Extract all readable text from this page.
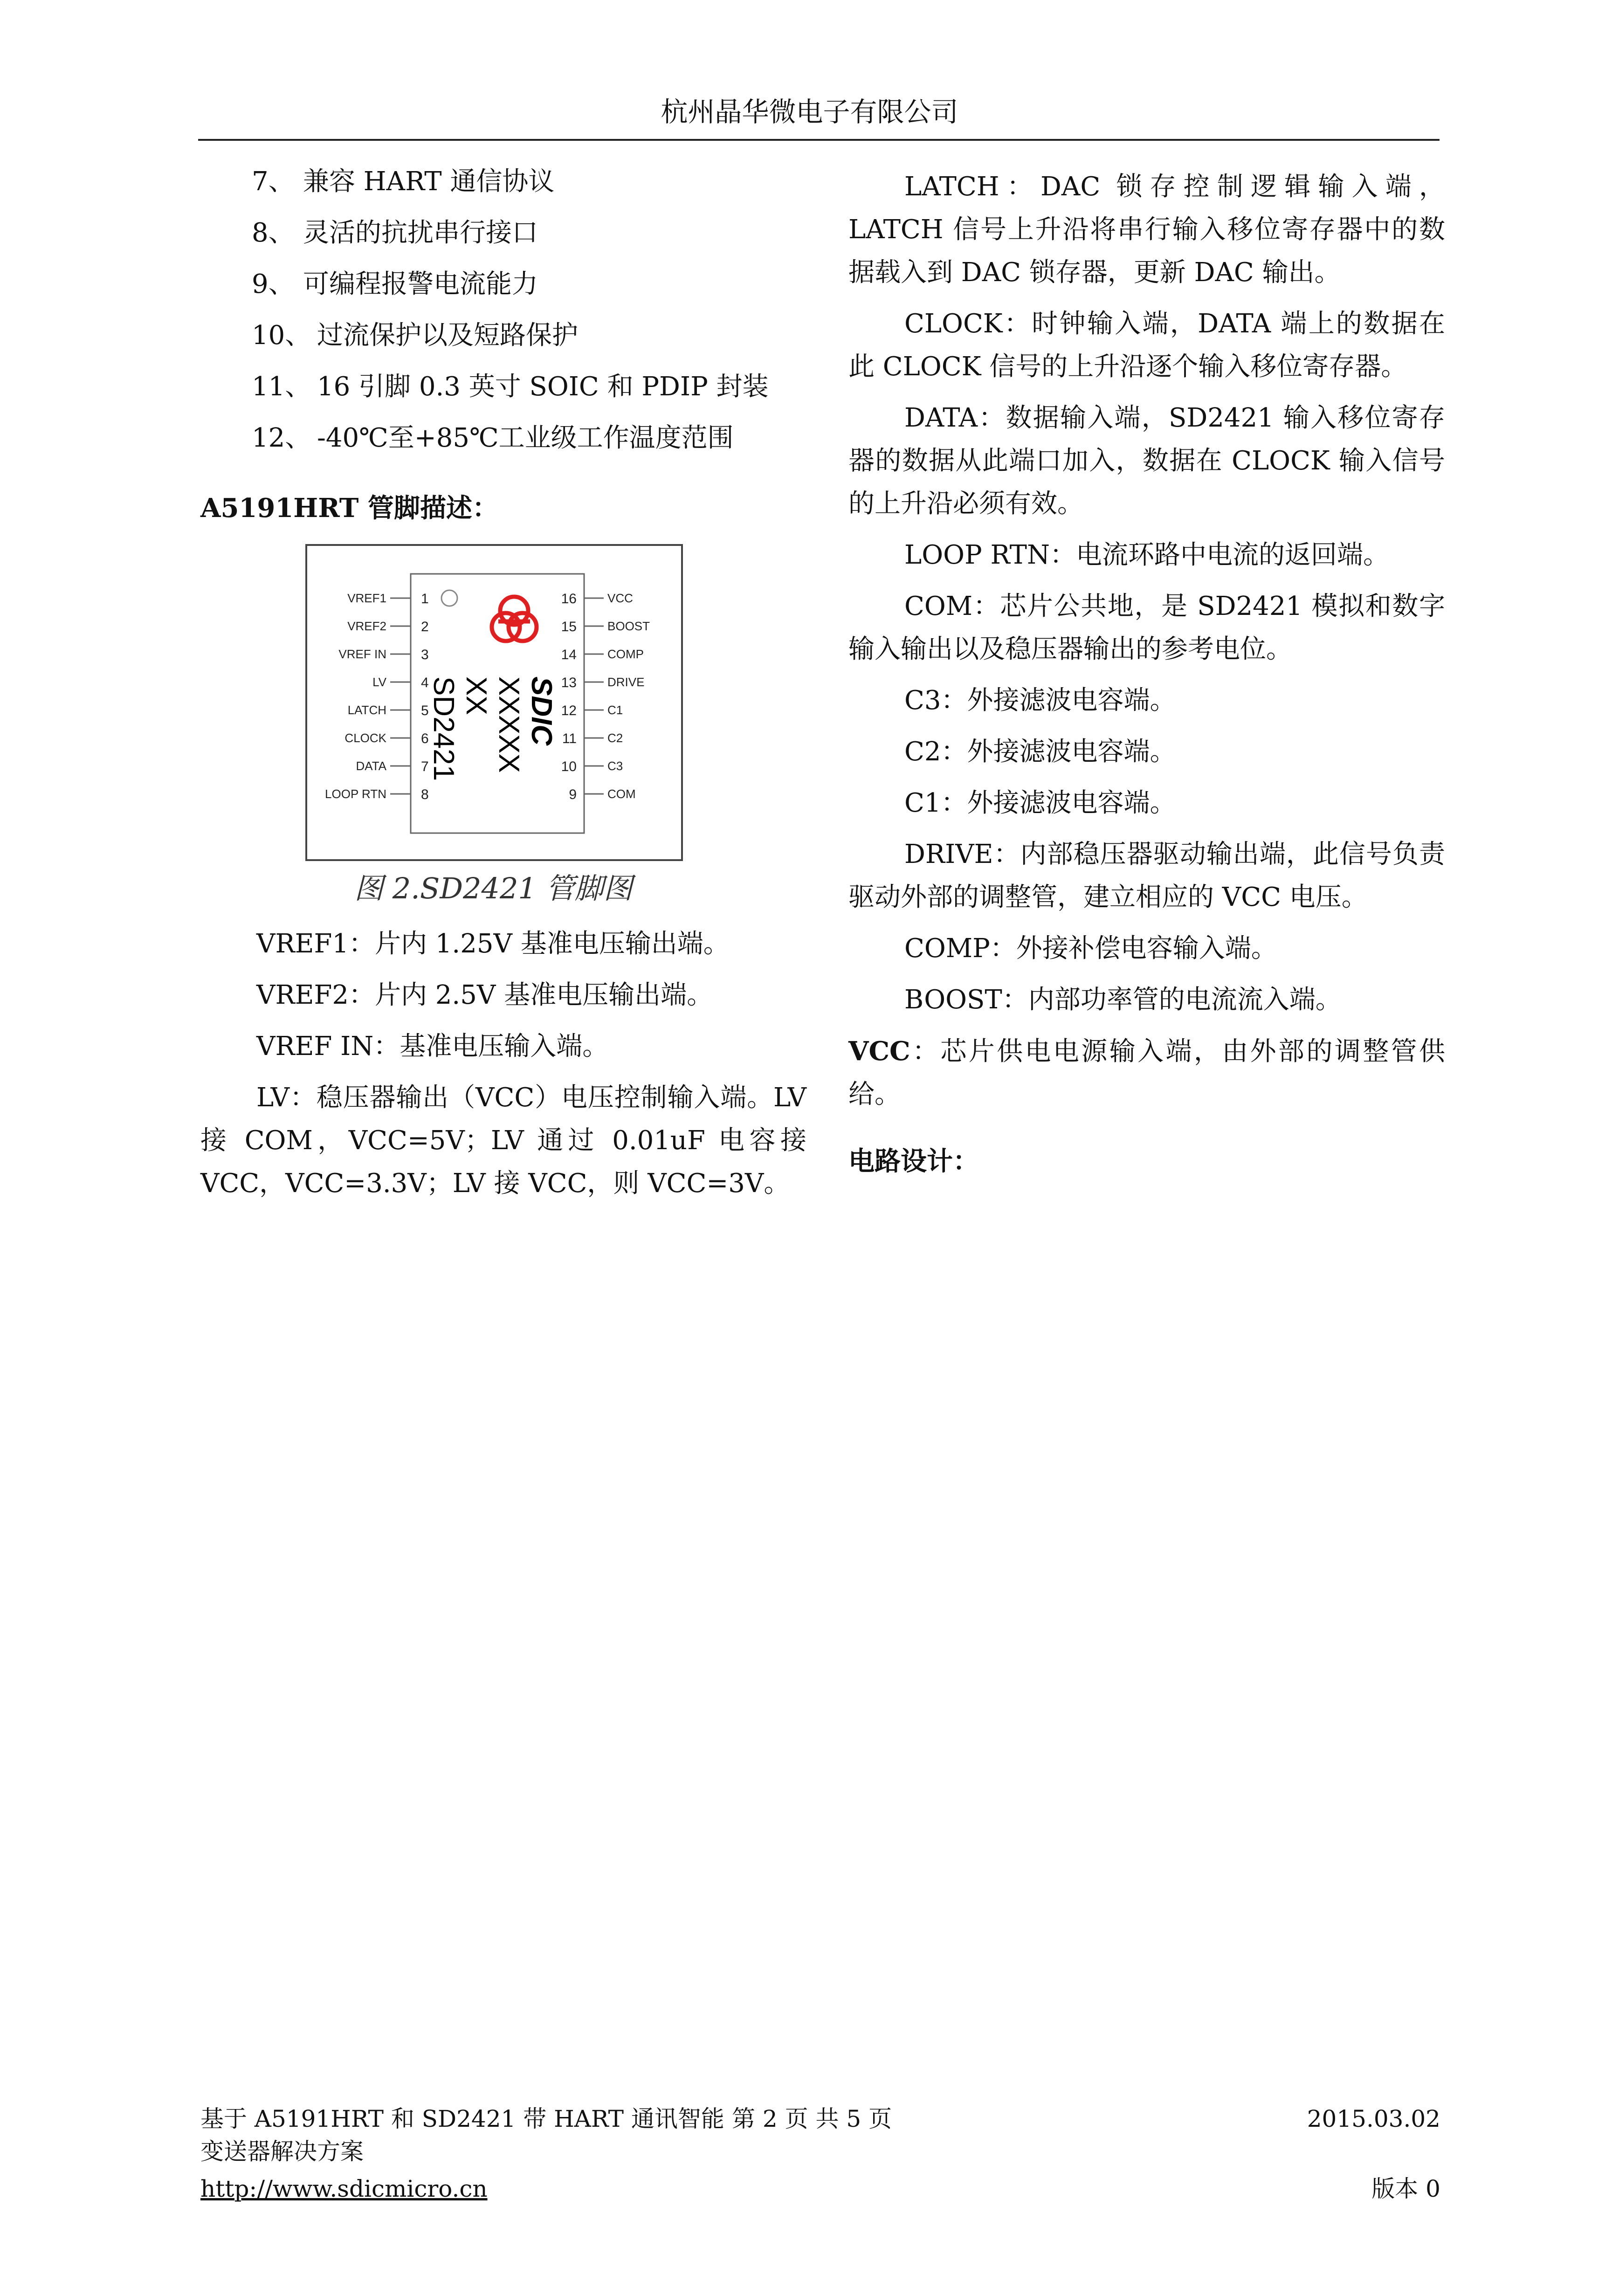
杭州晶华微电子有限公司
7、 兼容 HART 通信协议
8、 灵活的抗扰串行接口
9、 可编程报警电流能力
10、 过流保护以及短路保护
11、 16 引脚 0.3 英寸 SOIC 和 PDIP 封装
12、 -40℃至+85℃工业级工作温度范围

A5191HRT 管脚描述：

SDIC
XXXXX
XX
SD2421
VREF1 1
VREF2 2
VREF IN 3
LV 4
LATCH 5
CLOCK 6
DATA 7
LOOP RTN 8
VCC
16
BOOST
15
COMP
14
DRIVE
13
C1
12
C2
11
C3
10
COM
9
图 2.SD2421 管脚图

VREF1：片内 1.25V 基准电压输出端。

VREF2：片内 2.5V 基准电压输出端。

VREF IN：基准电压输入端。

LV：稳压器输出（VCC）电压控制输入端。LV 接 COM，VCC=5V；LV 通过 0.01uF 电容接 VCC，VCC=3.3V；LV 接 VCC，则 VCC=3V。

LATCH：DAC 锁存控制逻辑输入端，LATCH 信号上升沿将串行输入移位寄存器中的数据载入到 DAC 锁存器，更新 DAC 输出。

CLOCK：时钟输入端，DATA 端上的数据在此 CLOCK 信号的上升沿逐个输入移位寄存器。

DATA：数据输入端，SD2421 输入移位寄存器的数据从此端口加入，数据在 CLOCK 输入信号的上升沿必须有效。

LOOP RTN：电流环路中电流的返回端。

COM：芯片公共地，是 SD2421 模拟和数字输入输出以及稳压器输出的参考电位。

C3：外接滤波电容端。

C2：外接滤波电容端。

C1：外接滤波电容端。

DRIVE：内部稳压器驱动输出端，此信号负责驱动外部的调整管，建立相应的 VCC 电压。

COMP：外接补偿电容输入端。

BOOST：内部功率管的电流流入端。

VCC：芯片供电电源输入端，由外部的调整管供给。

电路设计：

基于 A5191HRT 和 SD2421 带 HART 通讯智能 第 2 页 共 5 页	2015.03.02
变送器解决方案
http://www.sdicmicro.cn	版本 0
